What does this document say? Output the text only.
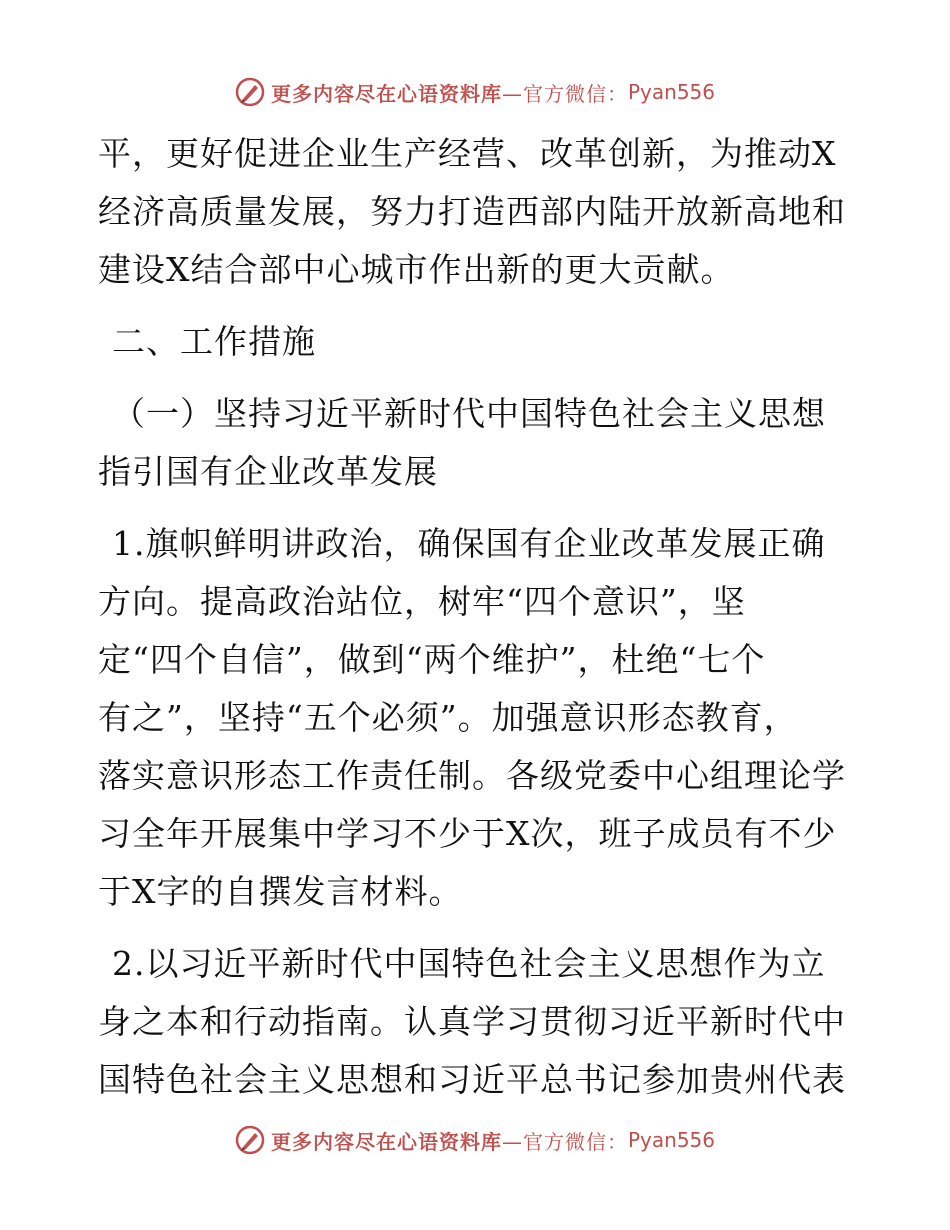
更多内容尽在心语资料库 —官方微信： Pyan556

平，更好促进企业生产经营、改革创新，为推动X
经济高质量发展，努力打造西部内陆开放新高地和
建设X结合部中心城市作出新的更大贡献。

二、工作措施

（一）坚持习近平新时代中国特色社会主义思想
指引国有企业改革发展

1.旗帜鲜明讲政治，确保国有企业改革发展正确
方向。提高政治站位，树牢“四个意识”，坚
定“四个自信”，做到“两个维护”，杜绝“七个
有之”，坚持“五个必须”。加强意识形态教育，
落实意识形态工作责任制。各级党委中心组理论学
习全年开展集中学习不少于X次，班子成员有不少
于X字的自撰发言材料。

2.以习近平新时代中国特色社会主义思想作为立
身之本和行动指南。认真学习贯彻习近平新时代中
国特色社会主义思想和习近平总书记参加贵州代表

更多内容尽在心语资料库 —官方微信： Pyan556
